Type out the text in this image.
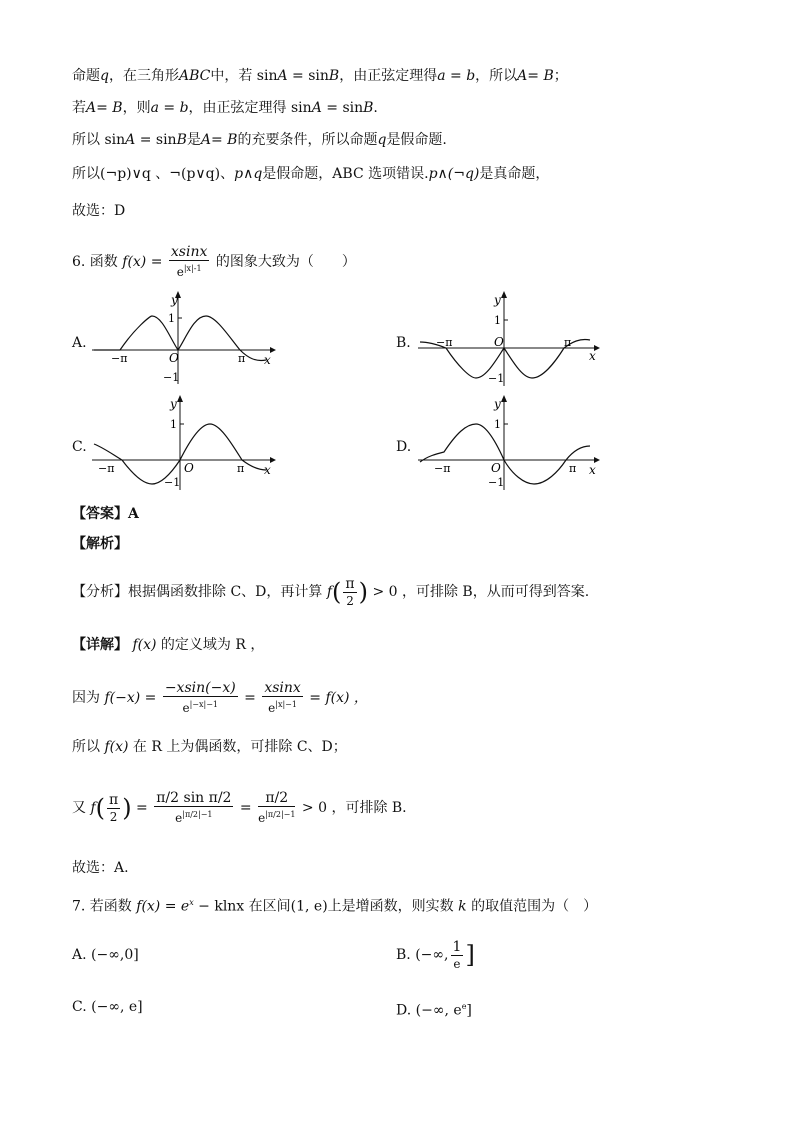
命题q，在三角形ABC中，若 sinA = sinB，由正弦定理得a = b，所以A= B；
若A= B，则a = b，由正弦定理得 sinA = sinB.
所以 sinA = sinB是A= B的充要条件，所以命题q是假命题.
所以(¬p)∨q 、¬(p∨q)、p∧q是假命题，ABC 选项错误.p∧(¬q)是真命题，
故选：D
6. 函数 $f(x) = \frac{xsinx}{e^{|x|-1}}$ 的图象大致为（　　）
A.	B.
C.	D.
y
1
−1
O
−π	π x
y
1
−1
O
−π	π
x
y
1
−1
O
−π	π x
y
1
−1
O
−π	π x
【答案】A
【解析】
【分析】根据偶函数排除 C、D，再计算 $f( \frac{\pi}{2}$ ) > 0 ，可排除 B，从而可得到答案.
【详解】 f(x) 的定义域为 R ，
因为 $f(-x) = \frac{-xsin(-x)}{e^{|-x|-1}} = \frac{xsinx}{e^{|x|-1}} = f(x)$ ，
所以 f(x) 在 R 上为偶函数，可排除 C、D；
又 $f( \frac{\pi}{2}$ ) = $\frac{\text{π/2 sin π/2}}{e^{|\pi/2|-1}} = \frac{\pi/2}{e^{|\pi/2|-1}} > 0$ ，可排除 B.
故选：A.
7. 若函数 $f(x) = e^x - klnx$ 在区间(1, e)上是增函数，则实数 k 的取值范围为（　）
A. (−∞,0]	B. (−∞, $\frac{1}{e}$ ]
C. (−∞, e]	D. (−∞, $e^e$]
